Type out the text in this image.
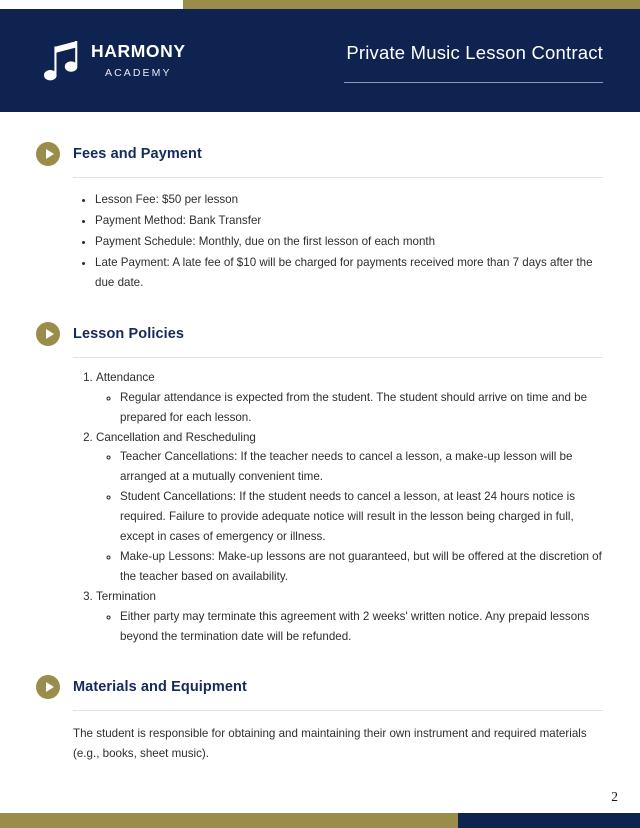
HARMONY
ACADEMY
Private Music Lesson Contract
Fees and Payment
• Lesson Fee: $50 per lesson
• Payment Method: Bank Transfer
• Payment Schedule: Monthly, due on the first lesson of each month
• Late Payment: A late fee of $10 will be charged for payments received more than 7 days after the due date.
Lesson Policies
1. Attendance
◦ Regular attendance is expected from the student. The student should arrive on time and be prepared for each lesson.
2. Cancellation and Rescheduling
◦ Teacher Cancellations: If the teacher needs to cancel a lesson, a make-up lesson will be arranged at a mutually convenient time.
◦ Student Cancellations: If the student needs to cancel a lesson, at least 24 hours notice is required. Failure to provide adequate notice will result in the lesson being charged in full, except in cases of emergency or illness.
◦ Make-up Lessons: Make-up lessons are not guaranteed, but will be offered at the discretion of the teacher based on availability.
3. Termination
◦ Either party may terminate this agreement with 2 weeks' written notice. Any prepaid lessons beyond the termination date will be refunded.
Materials and Equipment

The student is responsible for obtaining and maintaining their own instrument and required materials (e.g., books, sheet music).

2
